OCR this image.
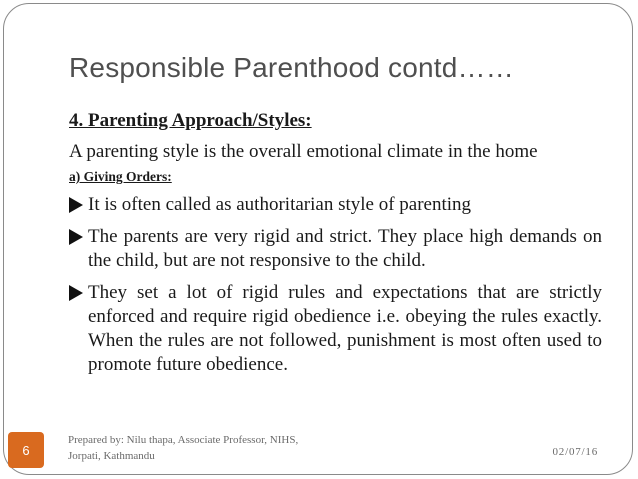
Responsible Parenthood contd……
4. Parenting Approach/Styles:
A parenting style is the overall emotional climate in the home
a) Giving Orders:
It is often called as authoritarian style of parenting
The parents are very rigid and strict. They place high demands on the child, but are not responsive to the child.
They set a lot of rigid rules and expectations that are strictly enforced and require rigid obedience i.e. obeying the rules exactly. When the rules are not followed, punishment is most often used to promote future obedience.
6
Prepared by: Nilu thapa, Associate Professor, NIHS,
Jorpati, Kathmandu	02/07/16
